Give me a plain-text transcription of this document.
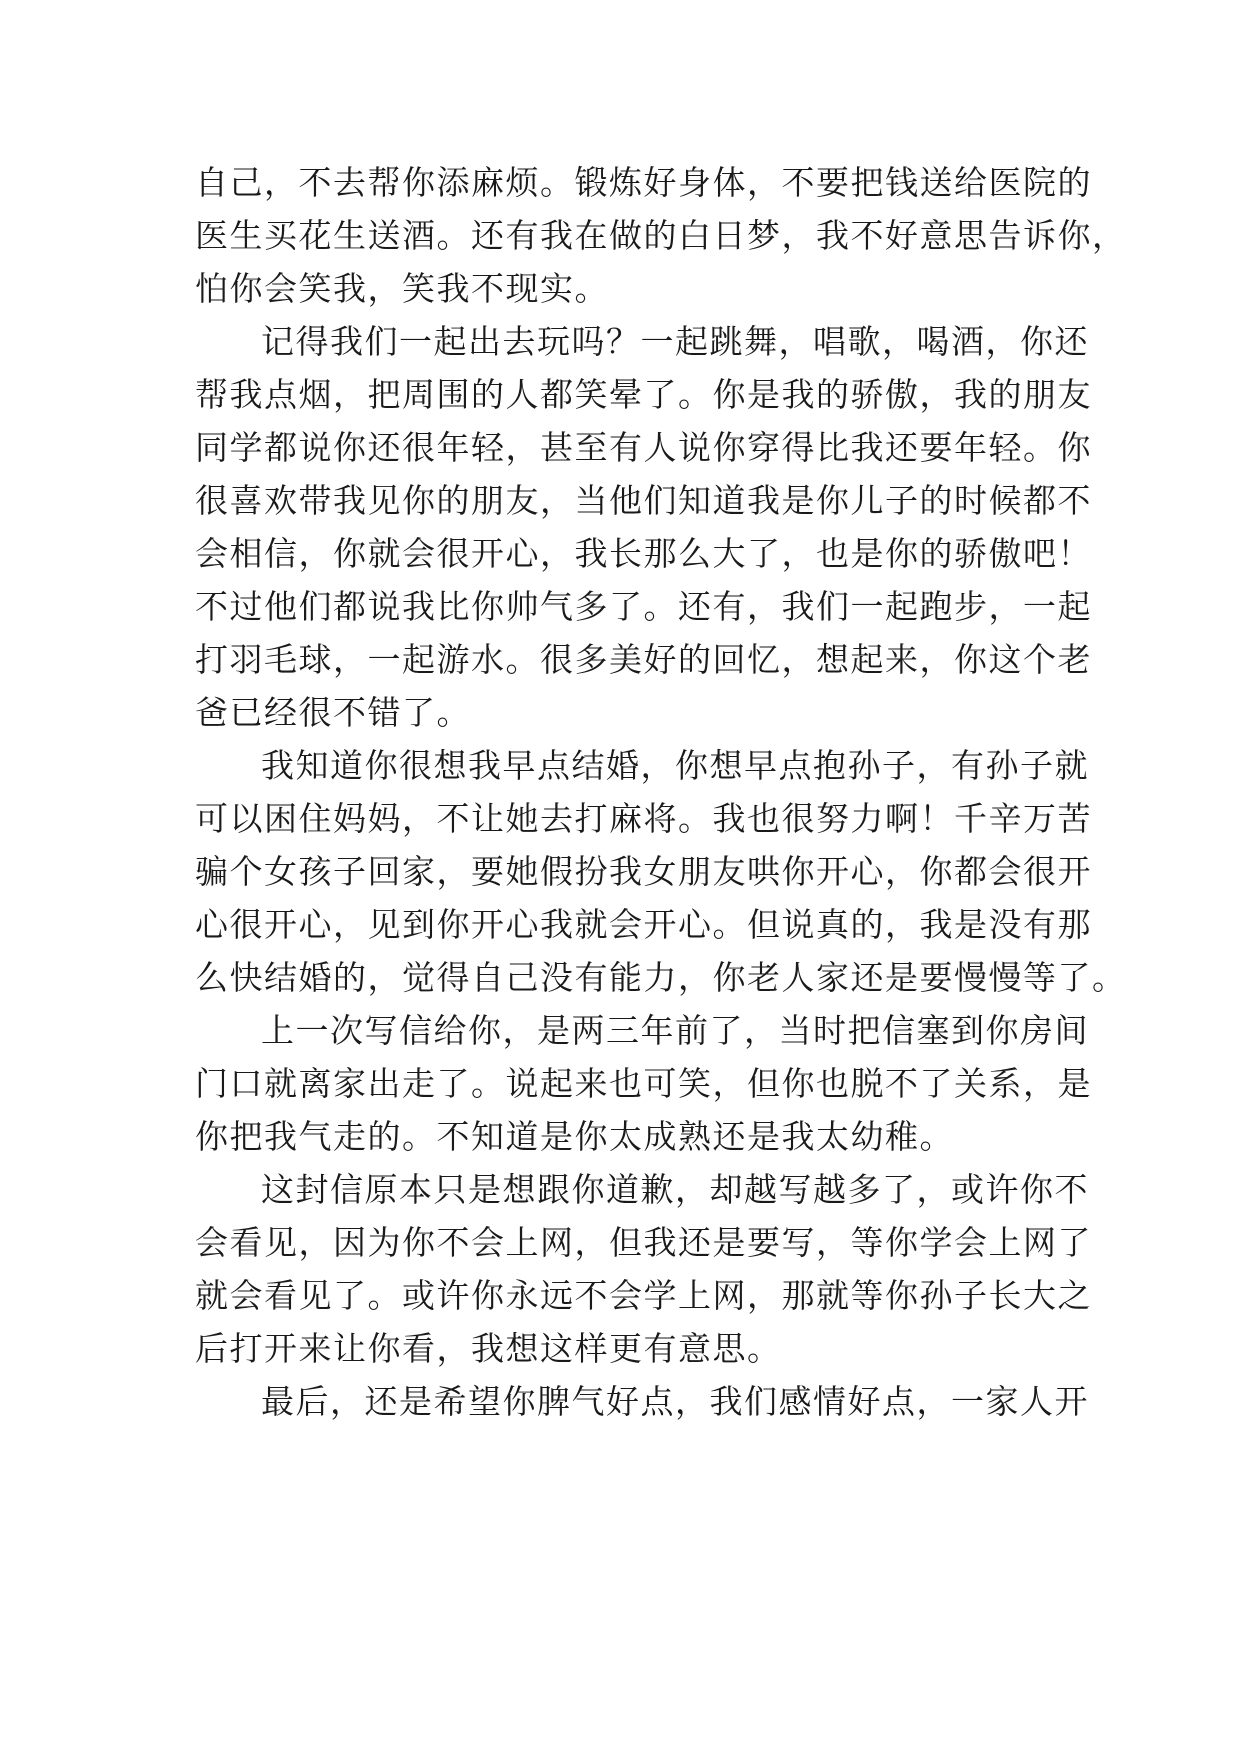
自己，不去帮你添麻烦。锻炼好身体，不要把钱送给医院的
医生买花生送酒。还有我在做的白日梦，我不好意思告诉你，
怕你会笑我，笑我不现实。
记得我们一起出去玩吗？一起跳舞，唱歌，喝酒，你还
帮我点烟，把周围的人都笑晕了。你是我的骄傲，我的朋友
同学都说你还很年轻，甚至有人说你穿得比我还要年轻。你
很喜欢带我见你的朋友，当他们知道我是你儿子的时候都不
会相信，你就会很开心，我长那么大了，也是你的骄傲吧！
不过他们都说我比你帅气多了。还有，我们一起跑步，一起
打羽毛球，一起游水。很多美好的回忆，想起来，你这个老
爸已经很不错了。
我知道你很想我早点结婚，你想早点抱孙子，有孙子就
可以困住妈妈，不让她去打麻将。我也很努力啊！千辛万苦
骗个女孩子回家，要她假扮我女朋友哄你开心，你都会很开
心很开心，见到你开心我就会开心。但说真的，我是没有那
么快结婚的，觉得自己没有能力，你老人家还是要慢慢等了。
上一次写信给你，是两三年前了，当时把信塞到你房间
门口就离家出走了。说起来也可笑，但你也脱不了关系，是
你把我气走的。不知道是你太成熟还是我太幼稚。
这封信原本只是想跟你道歉，却越写越多了，或许你不
会看见，因为你不会上网，但我还是要写，等你学会上网了
就会看见了。或许你永远不会学上网，那就等你孙子长大之
后打开来让你看，我想这样更有意思。
最后，还是希望你脾气好点，我们感情好点，一家人开
